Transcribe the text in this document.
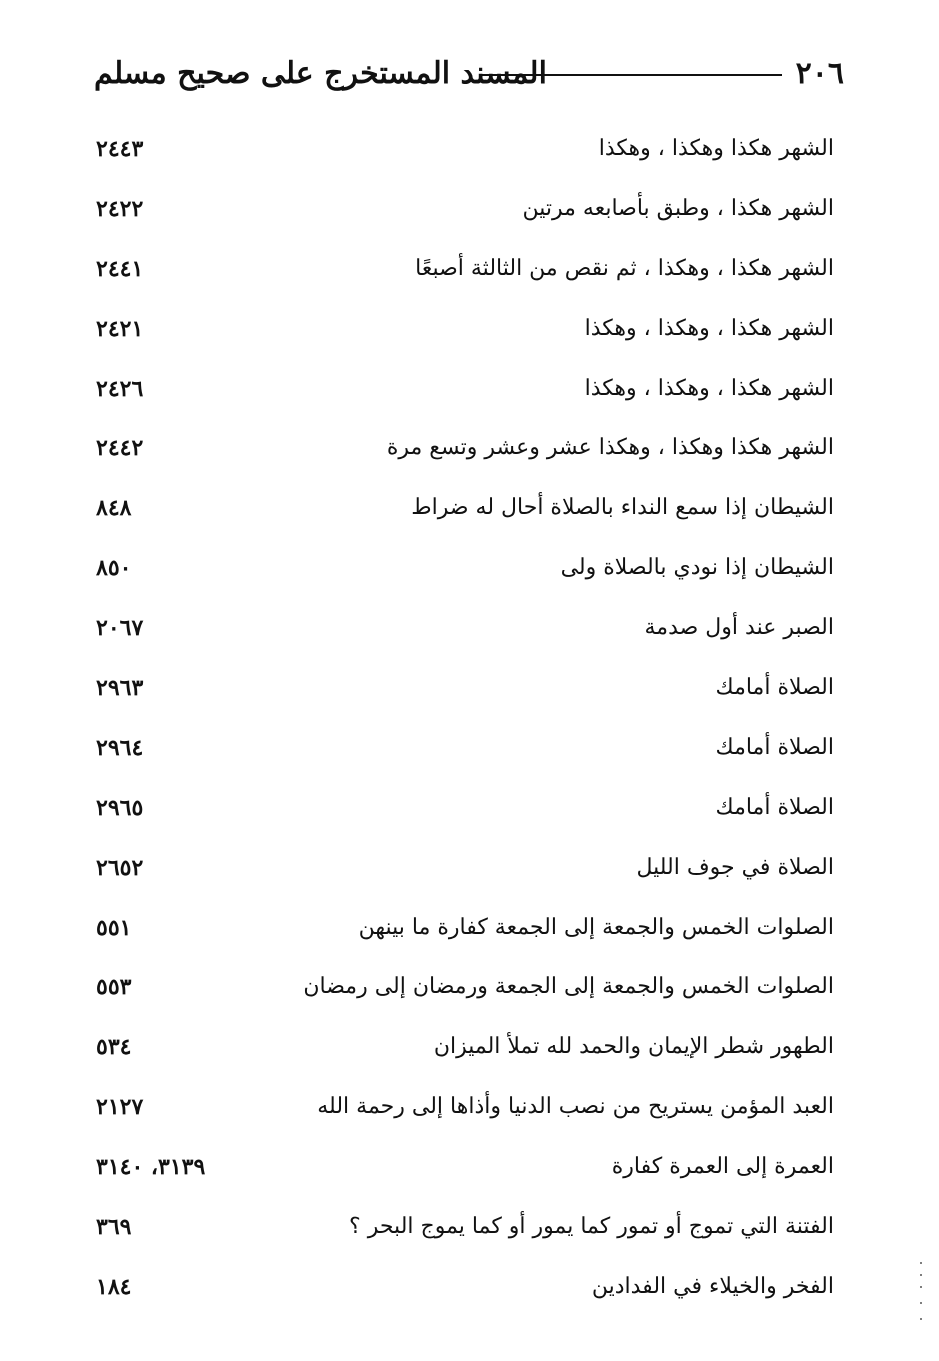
٢٠٦
المسند المستخرج على صحيح مسلم
الشهر هكذا وهكذا ، وهكذا
٢٤٤٣
الشهر هكذا ، وطبق بأصابعه مرتين
٢٤٢٢
الشهر هكذا ، وهكذا ، ثم نقص من الثالثة أصبعًا
٢٤٤١
الشهر هكذا ، وهكذا ، وهكذا
٢٤٢١
الشهر هكذا ، وهكذا ، وهكذا
٢٤٢٦
الشهر هكذا وهكذا ، وهكذا عشر وعشر وتسع مرة
٢٤٤٢
الشيطان إذا سمع النداء بالصلاة أحال له ضراط
٨٤٨
الشيطان إذا نودي بالصلاة ولى
٨٥٠
الصبر عند أول صدمة
٢٠٦٧
الصلاة أمامك
٢٩٦٣
الصلاة أمامك
٢٩٦٤
الصلاة أمامك
٢٩٦٥
الصلاة في جوف الليل
٢٦٥٢
الصلوات الخمس والجمعة إلى الجمعة كفارة ما بينهن
٥٥١
الصلوات الخمس والجمعة إلى الجمعة ورمضان إلى رمضان
٥٥٣
الطهور شطر الإيمان والحمد لله تملأ الميزان
٥٣٤
العبد المؤمن يستريح من نصب الدنيا وأذاها إلى رحمة الله
٢١٢٧
العمرة إلى العمرة كفارة
٣١٣٩، ٣١٤٠
الفتنة التي تموج أو تمور كما يمور أو كما يموج البحر ؟
٣٦٩
الفخر والخيلاء في الفدادين
١٨٤
